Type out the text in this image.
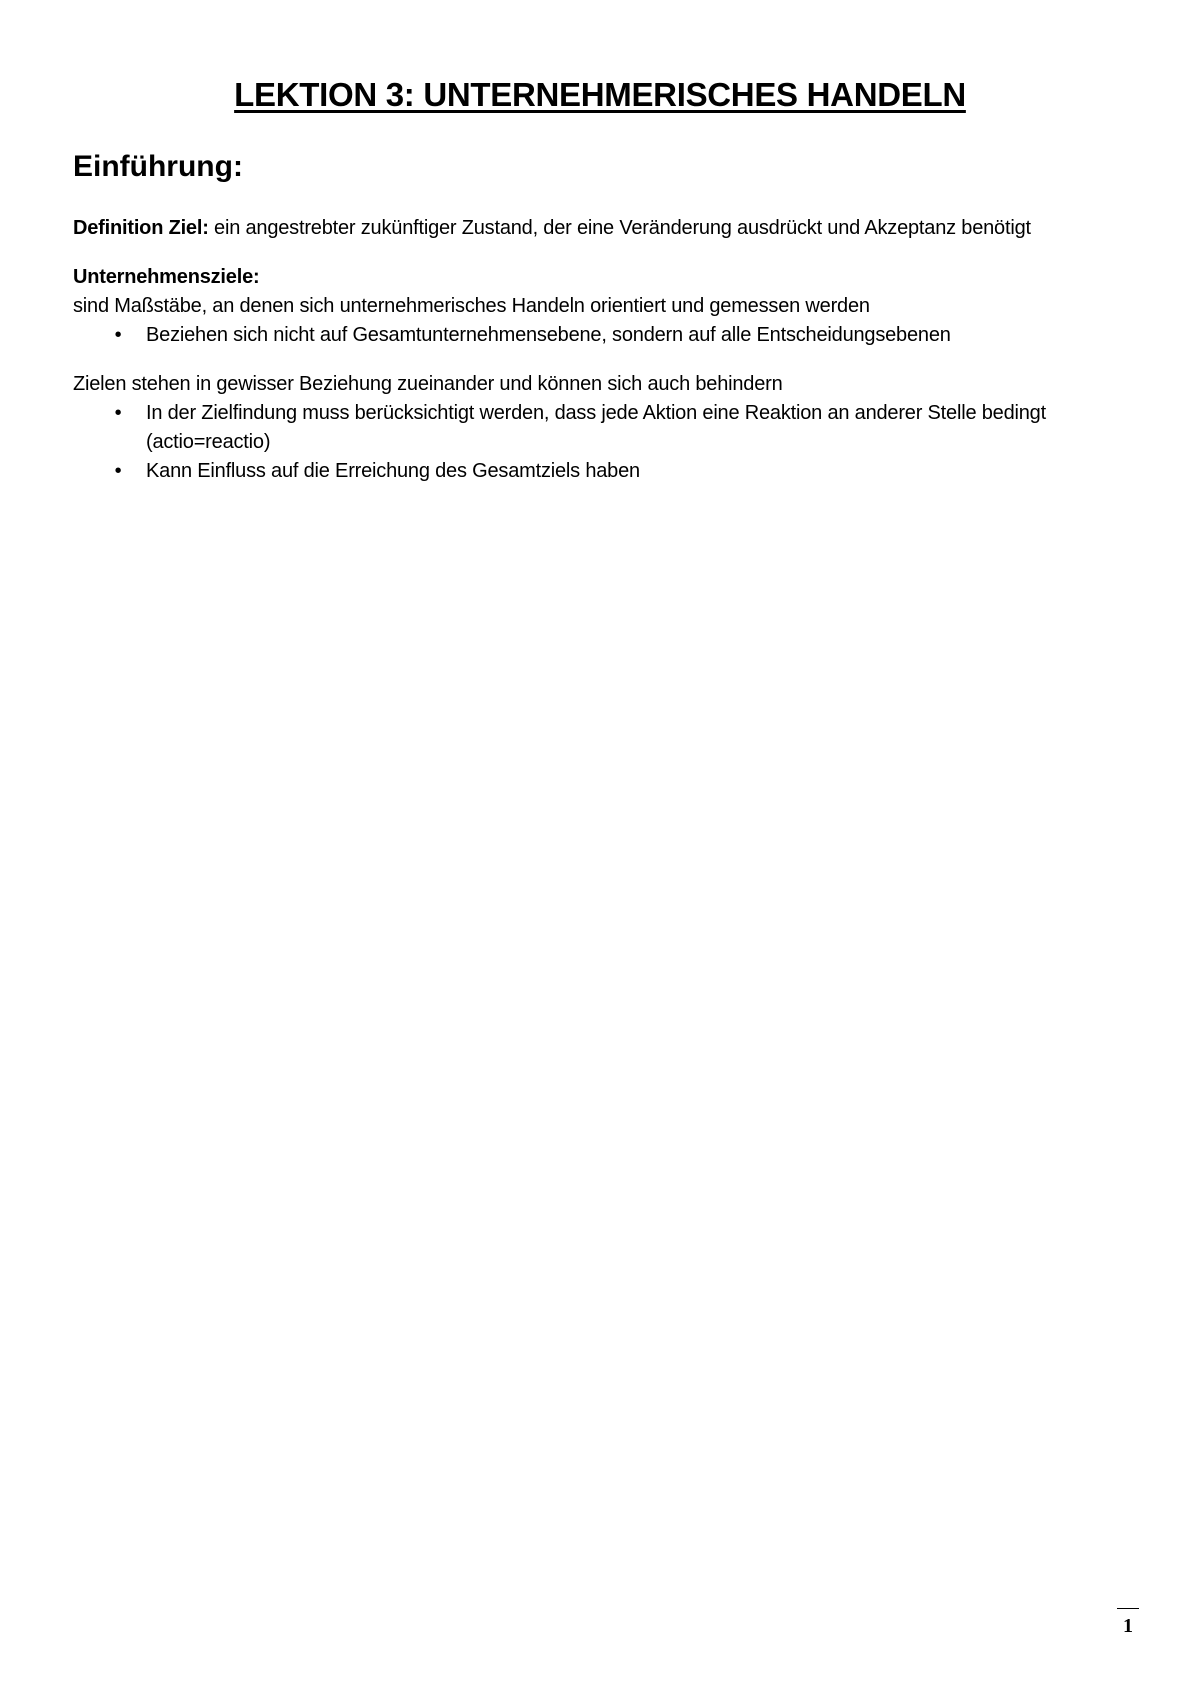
LEKTION 3: UNTERNEHMERISCHES HANDELN
Einführung:

Definition Ziel: ein angestrebter zukünftiger Zustand, der eine Veränderung ausdrückt und Akzeptanz benötigt

Unternehmensziele:

sind Maßstäbe, an denen sich unternehmerisches Handeln orientiert und gemessen werden

•	Beziehen sich nicht auf Gesamtunternehmensebene, sondern auf alle Entscheidungsebenen

Zielen stehen in gewisser Beziehung zueinander und können sich auch behindern

•	In der Zielfindung muss berücksichtigt werden, dass jede Aktion eine Reaktion an anderer Stelle bedingt (actio=reactio)
•	Kann Einfluss auf die Erreichung des Gesamtziels haben
1
